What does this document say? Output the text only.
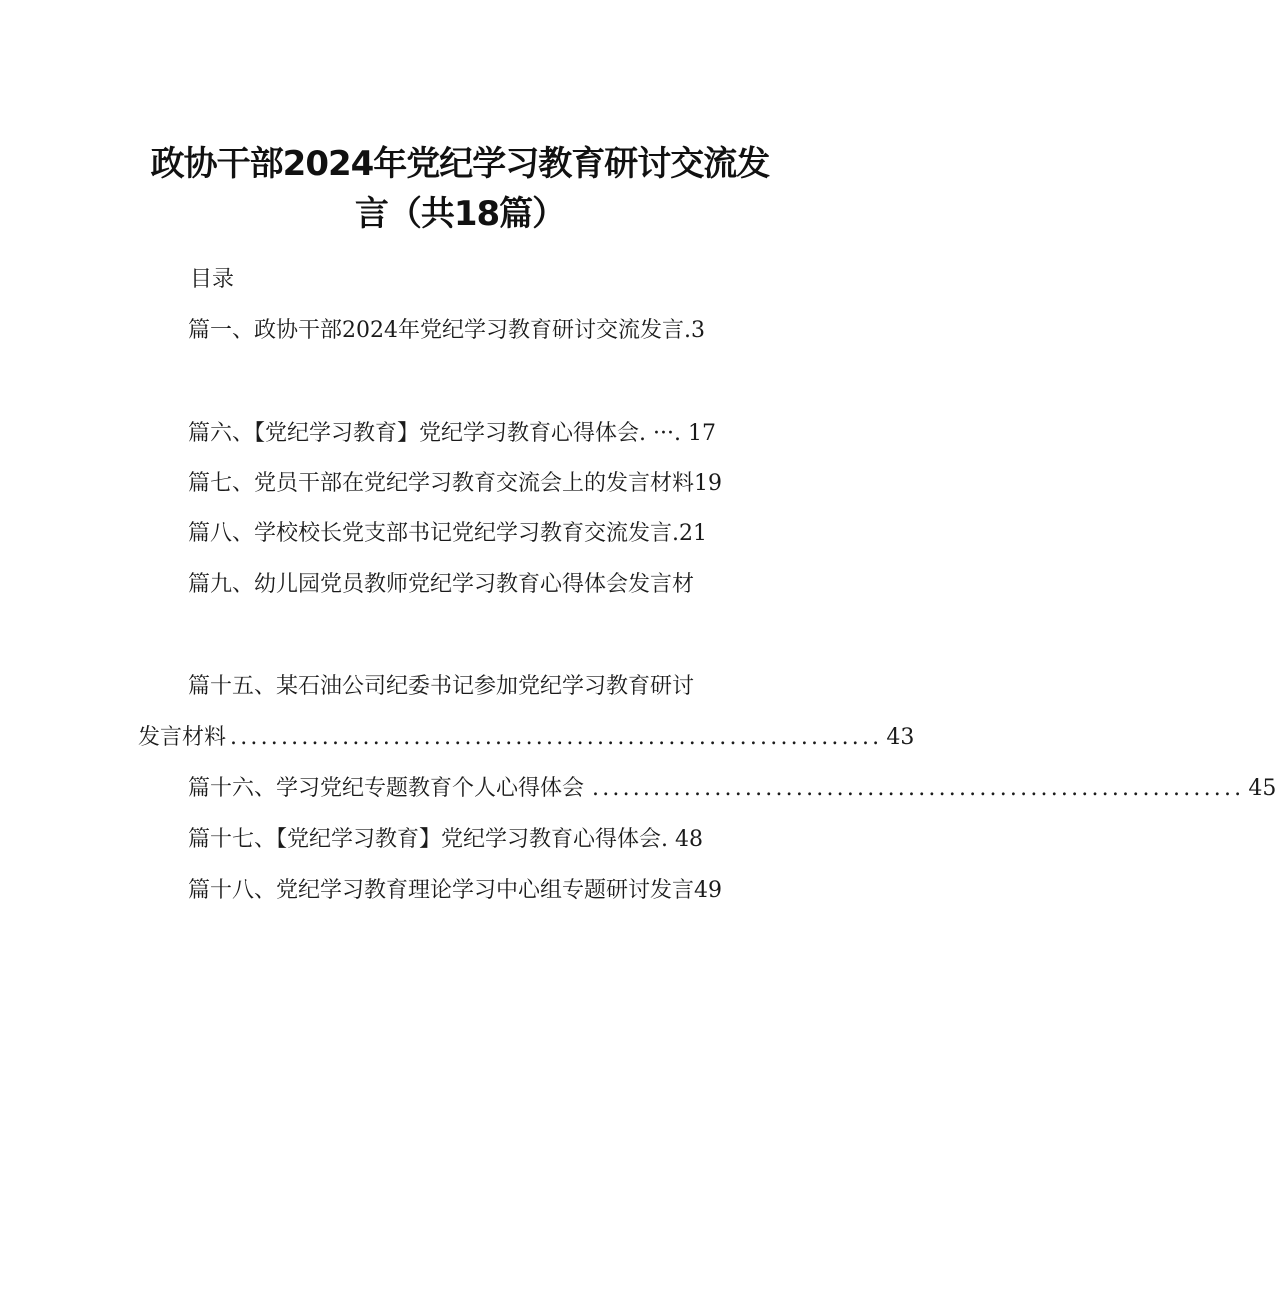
政协干部2024年党纪学习教育研讨交流发
言（共18篇）
目录
篇一、政协干部2024年党纪学习教育研讨交流发言.3
篇六、【党纪学习教育】党纪学习教育心得体会. ···. 17
篇七、党员干部在党纪学习教育交流会上的发言材料19
篇八、学校校长党支部书记党纪学习教育交流发言.21
篇九、幼儿园党员教师党纪学习教育心得体会发言材
篇十五、某石油公司纪委书记参加党纪学习教育研讨
发言材料 ................................................................ 43
篇十六、学习党纪专题教育个人心得体会 ................................................................ 45
篇十七、【党纪学习教育】党纪学习教育心得体会. 48
篇十八、党纪学习教育理论学习中心组专题研讨发言49
